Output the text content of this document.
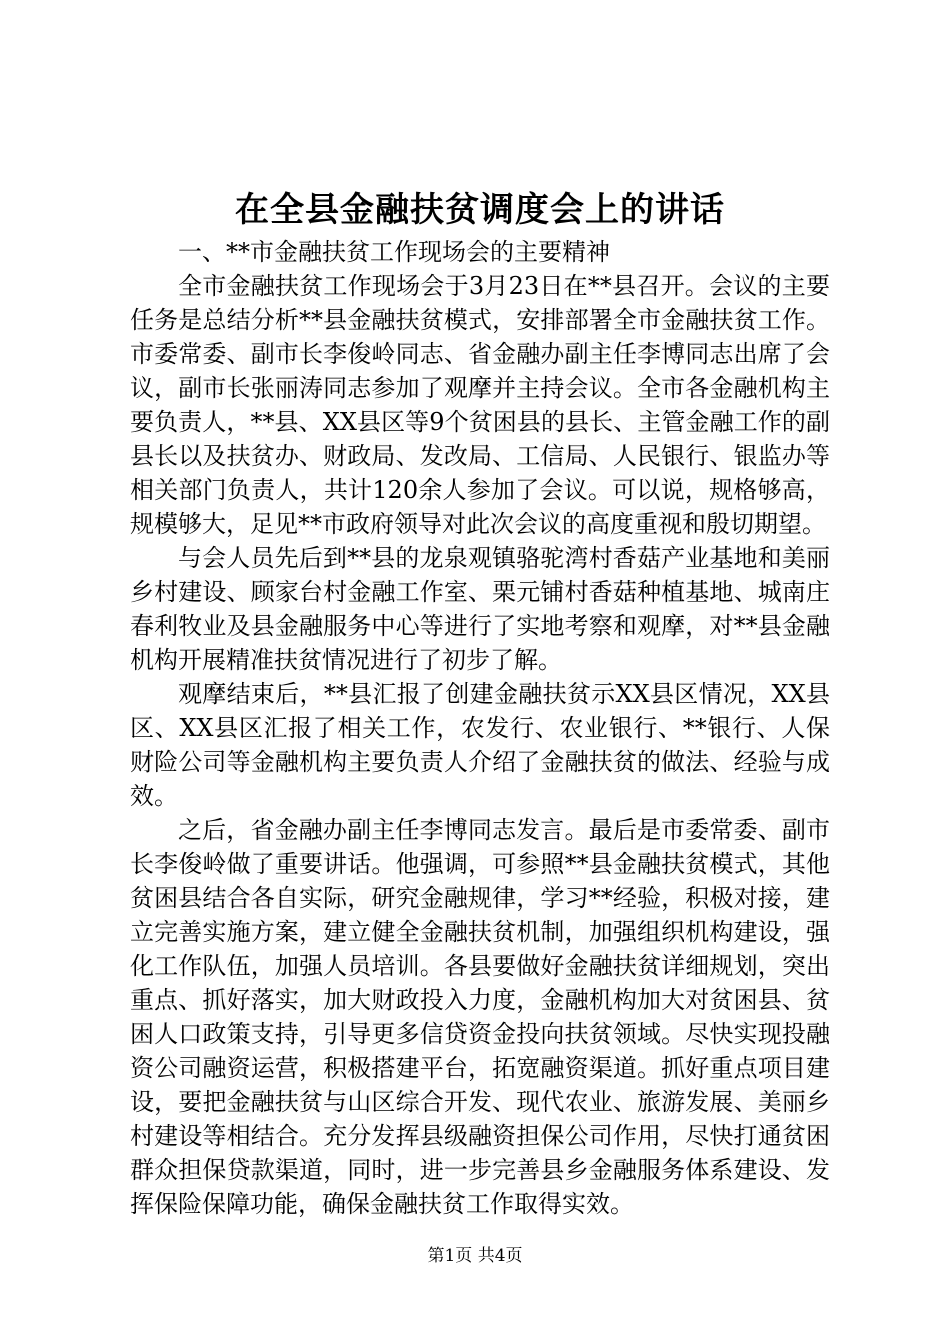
在全县金融扶贫调度会上的讲话

一、**市金融扶贫工作现场会的主要精神

全市金融扶贫工作现场会于3月23日在**县召开。会议的主要任务是总结分析**县金融扶贫模式，安排部署全市金融扶贫工作。市委常委、副市长李俊岭同志、省金融办副主任李博同志出席了会议，副市长张丽涛同志参加了观摩并主持会议。全市各金融机构主要负责人，**县、XX县区等9个贫困县的县长、主管金融工作的副县长以及扶贫办、财政局、发改局、工信局、人民银行、银监办等相关部门负责人，共计120余人参加了会议。可以说，规格够高，规模够大，足见**市政府领导对此次会议的高度重视和殷切期望。

与会人员先后到**县的龙泉观镇骆驼湾村香菇产业基地和美丽乡村建设、顾家台村金融工作室、栗元铺村香菇种植基地、城南庄春利牧业及县金融服务中心等进行了实地考察和观摩，对**县金融机构开展精准扶贫情况进行了初步了解。

观摩结束后，**县汇报了创建金融扶贫示XX县区情况，XX县区、XX县区汇报了相关工作，农发行、农业银行、**银行、人保财险公司等金融机构主要负责人介绍了金融扶贫的做法、经验与成效。

之后，省金融办副主任李博同志发言。最后是市委常委、副市长李俊岭做了重要讲话。他强调，可参照**县金融扶贫模式，其他贫困县结合各自实际，研究金融规律，学习**经验，积极对接，建立完善实施方案，建立健全金融扶贫机制，加强组织机构建设，强化工作队伍，加强人员培训。各县要做好金融扶贫详细规划，突出重点、抓好落实，加大财政投入力度，金融机构加大对贫困县、贫困人口政策支持，引导更多信贷资金投向扶贫领域。尽快实现投融资公司融资运营，积极搭建平台，拓宽融资渠道。抓好重点项目建设，要把金融扶贫与山区综合开发、现代农业、旅游发展、美丽乡村建设等相结合。充分发挥县级融资担保公司作用，尽快打通贫困群众担保贷款渠道，同时，进一步完善县乡金融服务体系建设、发挥保险保障功能，确保金融扶贫工作取得实效。

第1页 共4页
